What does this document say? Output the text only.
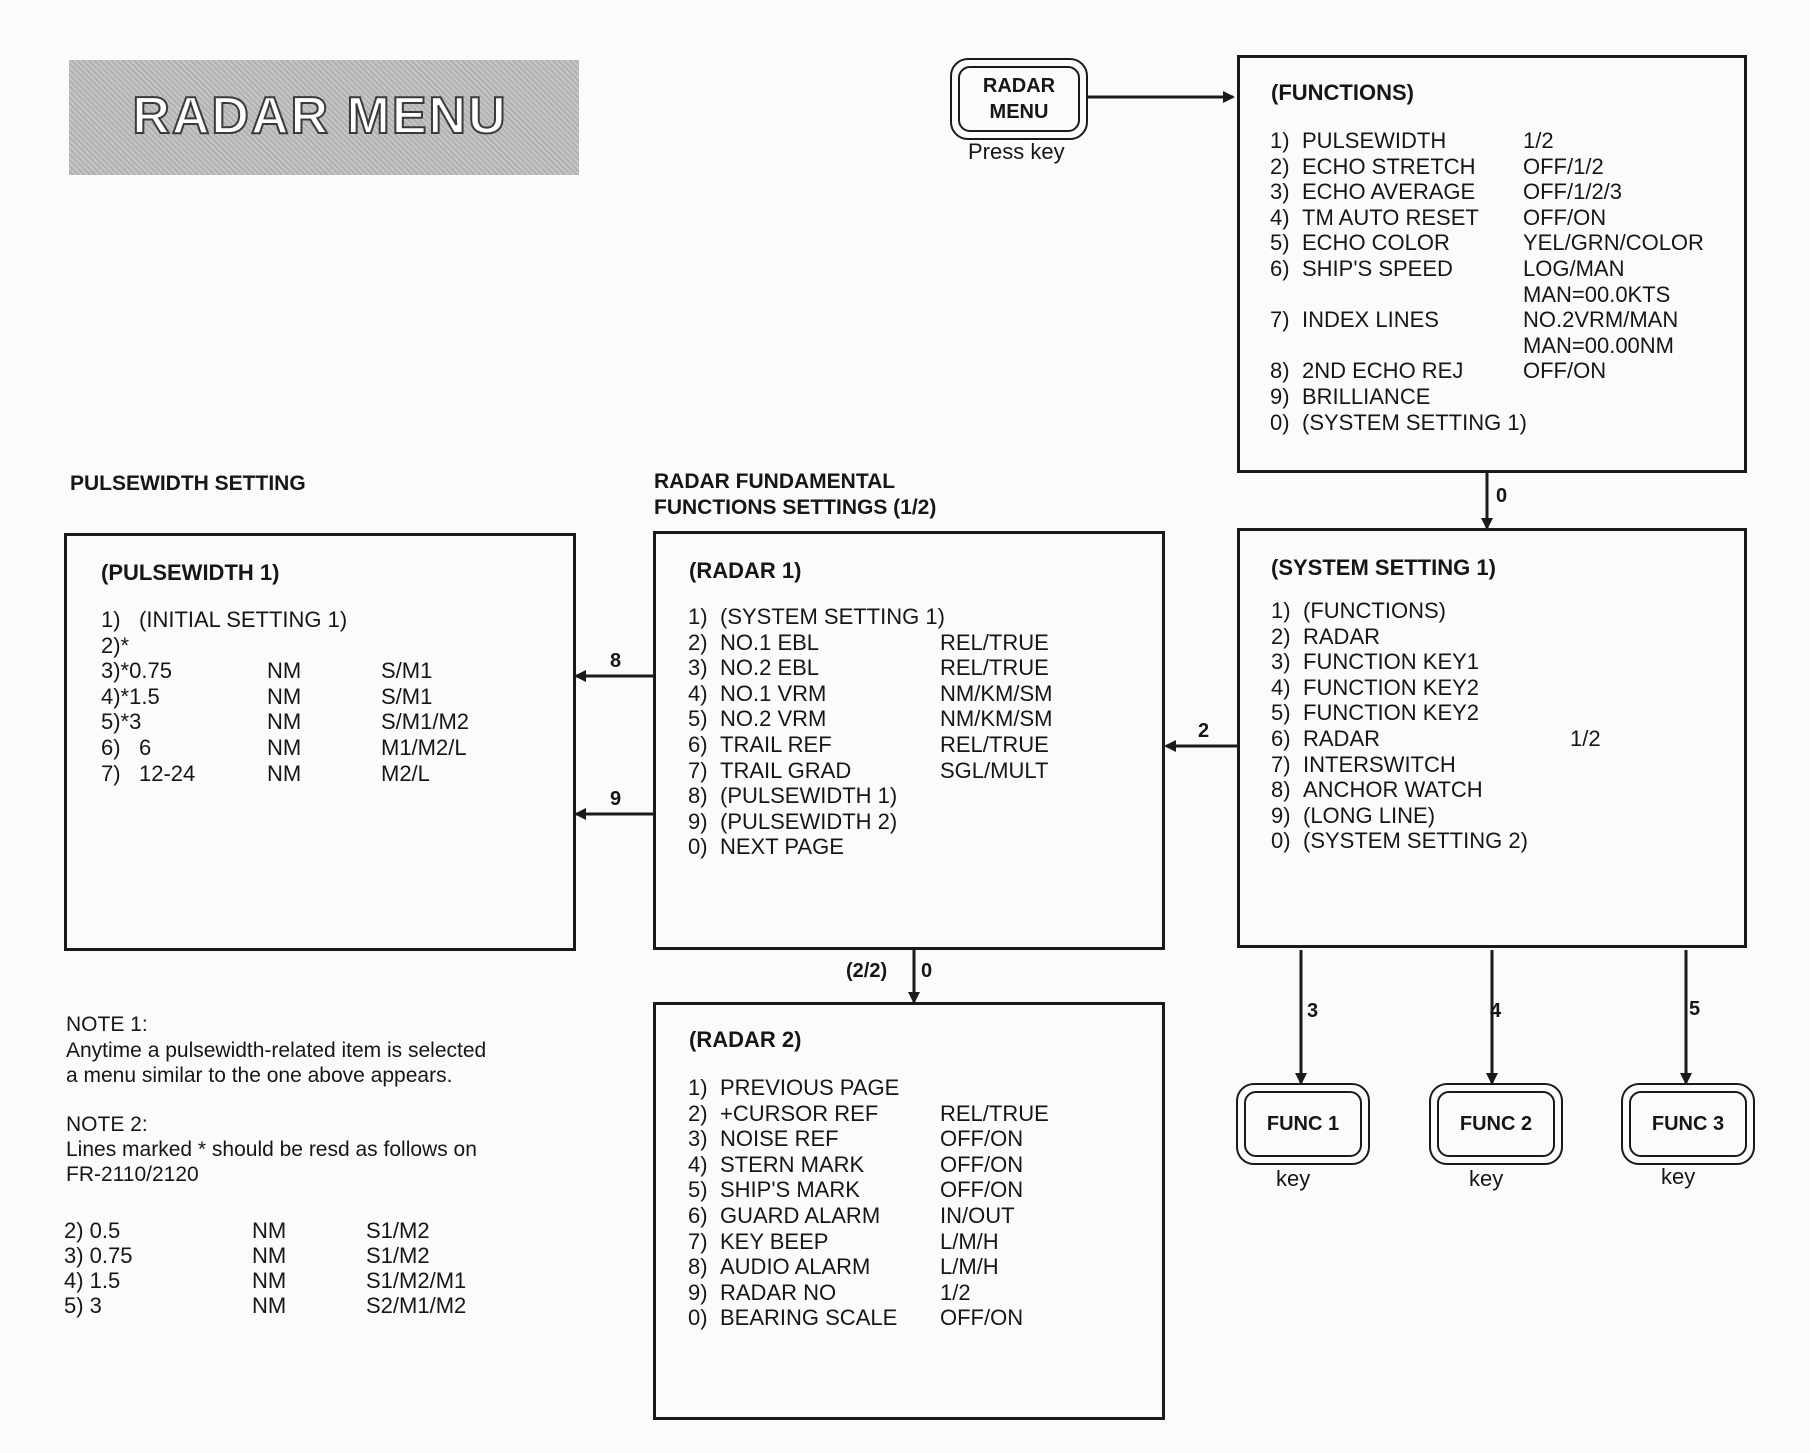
RADAR MENU
RADAR
MENU
Press key
(FUNCTIONS)
1) PULSEWIDTH	1/2
2) ECHO STRETCH OFF/1/2
3) ECHO AVERAGE OFF/1/2/3
4) TM AUTO RESET OFF/ON
5) ECHO COLOR	YEL/GRN/COLOR
6) SHIP'S SPEED	LOG/MAN
MAN=00.0KTS
7) INDEX LINES	NO.2VRM/MAN
MAN=00.00NM
8) 2ND ECHO REJ	OFF/ON
9) BRILLIANCE
0) (SYSTEM SETTING 1)
(SYSTEM SETTING 1)
1) (FUNCTIONS)
2) RADAR
3) FUNCTION KEY1
4) FUNCTION KEY2
5) FUNCTION KEY2
6) RADAR	1/2
7) INTERSWITCH
8) ANCHOR WATCH
9) (LONG LINE)
0) (SYSTEM SETTING 2)
RADAR FUNDAMENTAL
FUNCTIONS SETTINGS (1/2)
(RADAR 1)
1) (SYSTEM SETTING 1)
2) NO.1 EBL	REL/TRUE
3) NO.2 EBL	REL/TRUE
4) NO.1 VRM	NM/KM/SM
5) NO.2 VRM	NM/KM/SM
6) TRAIL REF	REL/TRUE
7) TRAIL GRAD	SGL/MULT
8) (PULSEWIDTH 1)
9) (PULSEWIDTH 2)
0) NEXT PAGE
PULSEWIDTH SETTING
(PULSEWIDTH 1)
1) (INITIAL SETTING 1)
2)*
3)*0.75	NM	S/M1
4)*1.5	NM	S/M1
5)*3	NM	S/M1/M2
6) 6	NM	M1/M2/L
7) 12-24	NM	M2/L
(RADAR 2)
1) PREVIOUS PAGE
2) +CURSOR REF	REL/TRUE
3) NOISE REF	OFF/ON
4) STERN MARK	OFF/ON
5) SHIP'S MARK	OFF/ON
6) GUARD ALARM	IN/OUT
7) KEY BEEP	L/M/H
8) AUDIO ALARM	L/M/H
9) RADAR NO	1/2
0) BEARING SCALE OFF/ON
0
2
8
9
(2/2) 0
3	4	5
FUNC 1
key
FUNC 2
key
FUNC 3
key
NOTE 1:
Anytime a pulsewidth-related item is selected
a menu similar to the one above appears.
NOTE 2:
Lines marked * should be resd as follows on
FR-2110/2120
2) 0.5	NM	S1/M2
3) 0.75	NM	S1/M2
4) 1.5	NM	S1/M2/M1
5) 3	NM	S2/M1/M2
